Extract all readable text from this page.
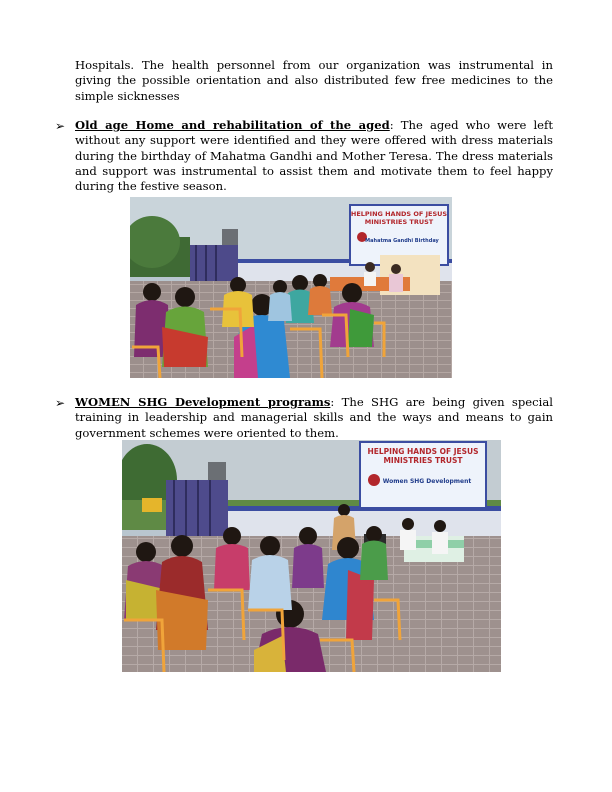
Hospitals. The health personnel from our organization was instrumental in giving the possible orientation and also distributed few free medicines to the simple sicknesses

➢ Old age Home and rehabilitation of the aged: The aged who were left without any support were identified and they were offered with dress materials during the birthday of Mahatma Gandhi and Mother Teresa. The dress materials and support was instrumental to assist them and motivate them to feel happy during the festive season.

HELPING HANDS OF JESUS
MINISTRIES TRUST
Mahatma Gandhi Birthday
➢ WOMEN SHG Development programs: The SHG are being given special training in leadership and managerial skills and the ways and means to gain government schemes were oriented to them.

HELPING HANDS OF JESUS
MINISTRIES TRUST
Women SHG Development
